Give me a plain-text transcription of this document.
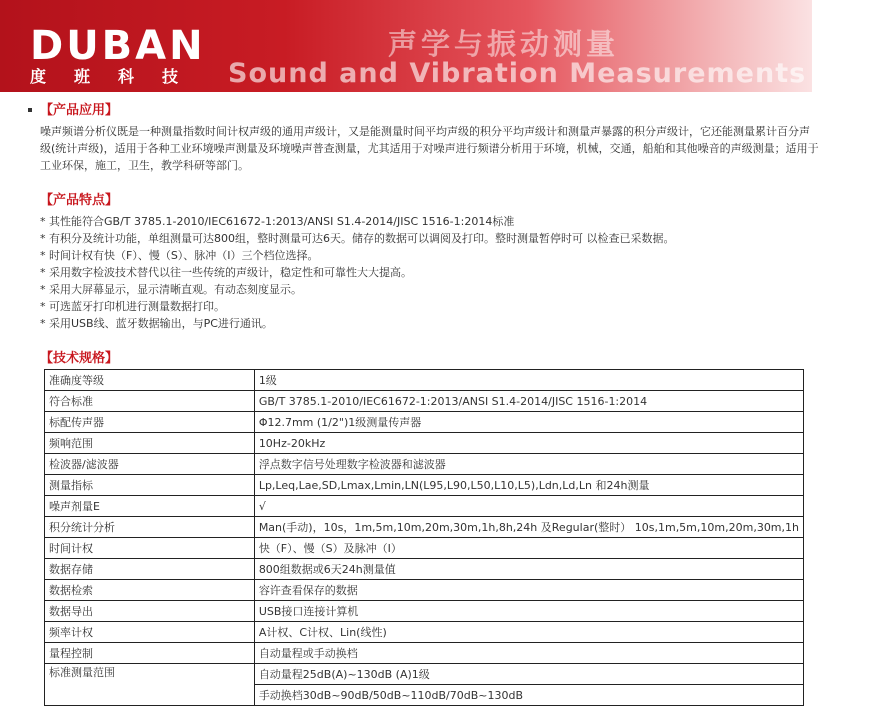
DUBAN
度班科技
声学与振动测量
Sound and Vibration Measurements
【产品应用】

噪声频谱分析仪既是一种测量指数时间计权声级的通用声级计，又是能测量时间平均声级的积分平均声级计和测量声暴露的积分声级计，它还能测量累计百分声级(统计声级)，适用于各种工业环境噪声测量及环境噪声普查测量，尤其适用于对噪声进行频谱分析用于环境，机械，交通，船舶和其他噪音的声级测量；适用于工业环保，施工，卫生，教学科研等部门。

【产品特点】
* 其性能符合GB/T 3785.1-2010/IEC61672-1:2013/ANSI S1.4-2014/JISC 1516-1:2014标准
* 有积分及统计功能，单组测量可达800组，整时测量可达6天。储存的数据可以调阅及打印。整时测量暂停时可 以检查已采数据。
* 时间计权有快（F）、慢（S）、脉冲（I）三个档位选择。
* 采用数字检波技术替代以往一些传统的声级计，稳定性和可靠性大大提高。
* 采用大屏幕显示，显示清晰直观。有动态刻度显示。
* 可选蓝牙打印机进行测量数据打印。
* 采用USB线、蓝牙数据输出，与PC进行通讯。
【技术规格】
准确度等级	1级
符合标准	GB/T 3785.1-2010/IEC61672-1:2013/ANSI S1.4-2014/JISC 1516-1:2014
标配传声器	Φ12.7mm (1/2")1级测量传声器
频响范围	10Hz-20kHz
检波器/滤波器	浮点数字信号处理数字检波器和滤波器
测量指标	Lp,Leq,Lae,SD,Lmax,Lmin,LN(L95,L90,L50,L10,L5),Ldn,Ld,Ln 和24h测量
噪声剂量E	√
积分统计分析	Man(手动)，10s，1m,5m,10m,20m,30m,1h,8h,24h 及Regular(整时） 10s,1m,5m,10m,20m,30m,1h
时间计权	快（F）、慢（S）及脉冲（I）
数据存储	800组数据或6天24h测量值
数据检索	容许查看保存的数据
数据导出	USB接口连接计算机
频率计权	A计权、C计权、Lin(线性)
量程控制	自动量程或手动换档
标准测量范围	自动量程25dB(A)~130dB (A)1级
	手动换档30dB~90dB/50dB~110dB/70dB~130dB
